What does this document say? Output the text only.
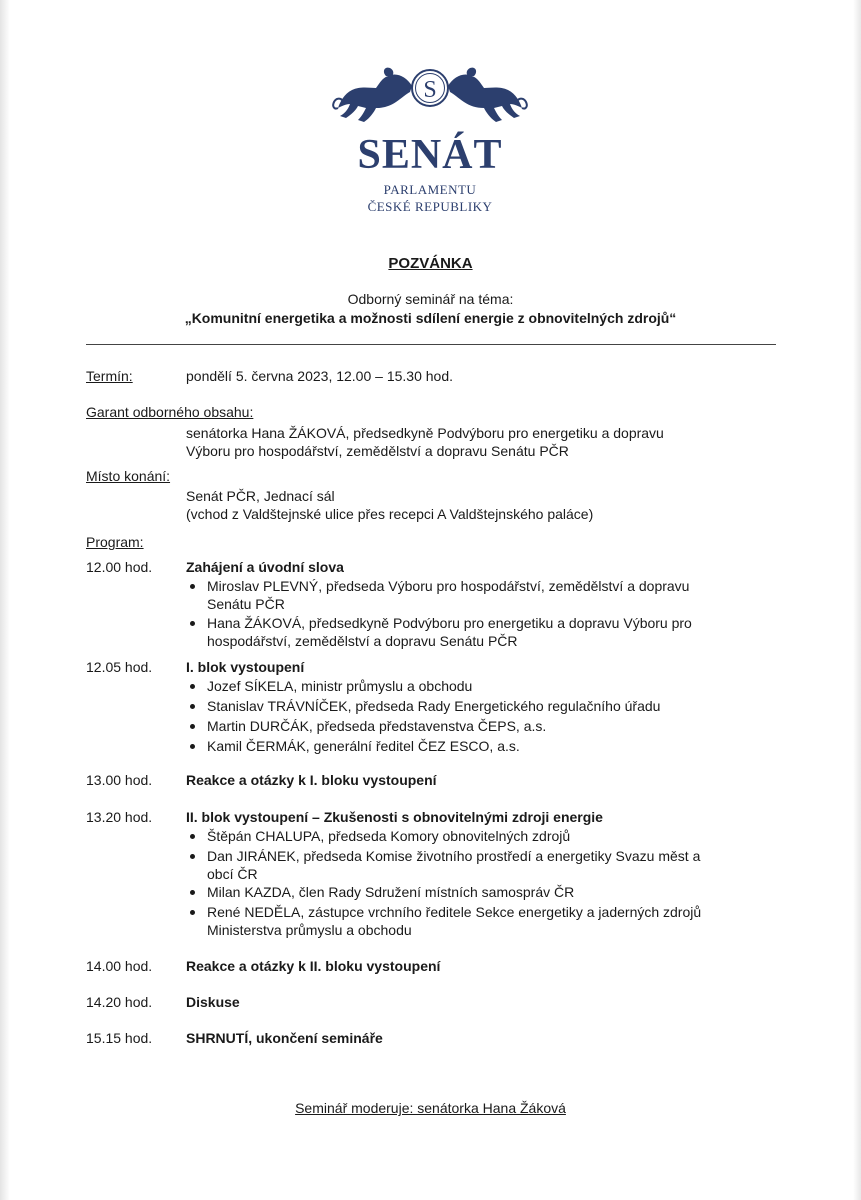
S
SENÁT
PARLAMENTU
ČESKÉ REPUBLIKY
POZVÁNKA
Odborný seminář na téma:
„Komunitní energetika a možnosti sdílení energie z obnovitelných zdrojů“
Termín:	pondělí 5. června 2023, 12.00 – 15.30 hod.
Garant odborného obsahu:
senátorka Hana ŽÁKOVÁ, předsedkyně Podvýboru pro energetiku a dopravu
Výboru pro hospodářství, zemědělství a dopravu Senátu PČR
Místo konání:
Senát PČR, Jednací sál
(vchod z Valdštejnské ulice přes recepci A Valdštejnského paláce)
Program:
12.00 hod. Zahájení a úvodní slova
Miroslav PLEVNÝ, předseda Výboru pro hospodářství, zemědělství a dopravu
Senátu PČR
Hana ŽÁKOVÁ, předsedkyně Podvýboru pro energetiku a dopravu Výboru pro
hospodářství, zemědělství a dopravu Senátu PČR
12.05 hod. I. blok vystoupení
Jozef SÍKELA, ministr průmyslu a obchodu
Stanislav TRÁVNÍČEK, předseda Rady Energetického regulačního úřadu
Martin DURČÁK, předseda představenstva ČEPS, a.s.
Kamil ČERMÁK, generální ředitel ČEZ ESCO, a.s.
13.00 hod. Reakce a otázky k I. bloku vystoupení
13.20 hod. II. blok vystoupení – Zkušenosti s obnovitelnými zdroji energie
Štěpán CHALUPA, předseda Komory obnovitelných zdrojů
Dan JIRÁNEK, předseda Komise životního prostředí a energetiky Svazu měst a
obcí ČR
Milan KAZDA, člen Rady Sdružení místních samospráv ČR
René NEDĚLA, zástupce vrchního ředitele Sekce energetiky a jaderných zdrojů
Ministerstva průmyslu a obchodu
14.00 hod. Reakce a otázky k II. bloku vystoupení
14.20 hod. Diskuse
15.15 hod. SHRNUTÍ, ukončení semináře
Seminář moderuje: senátorka Hana Žáková
